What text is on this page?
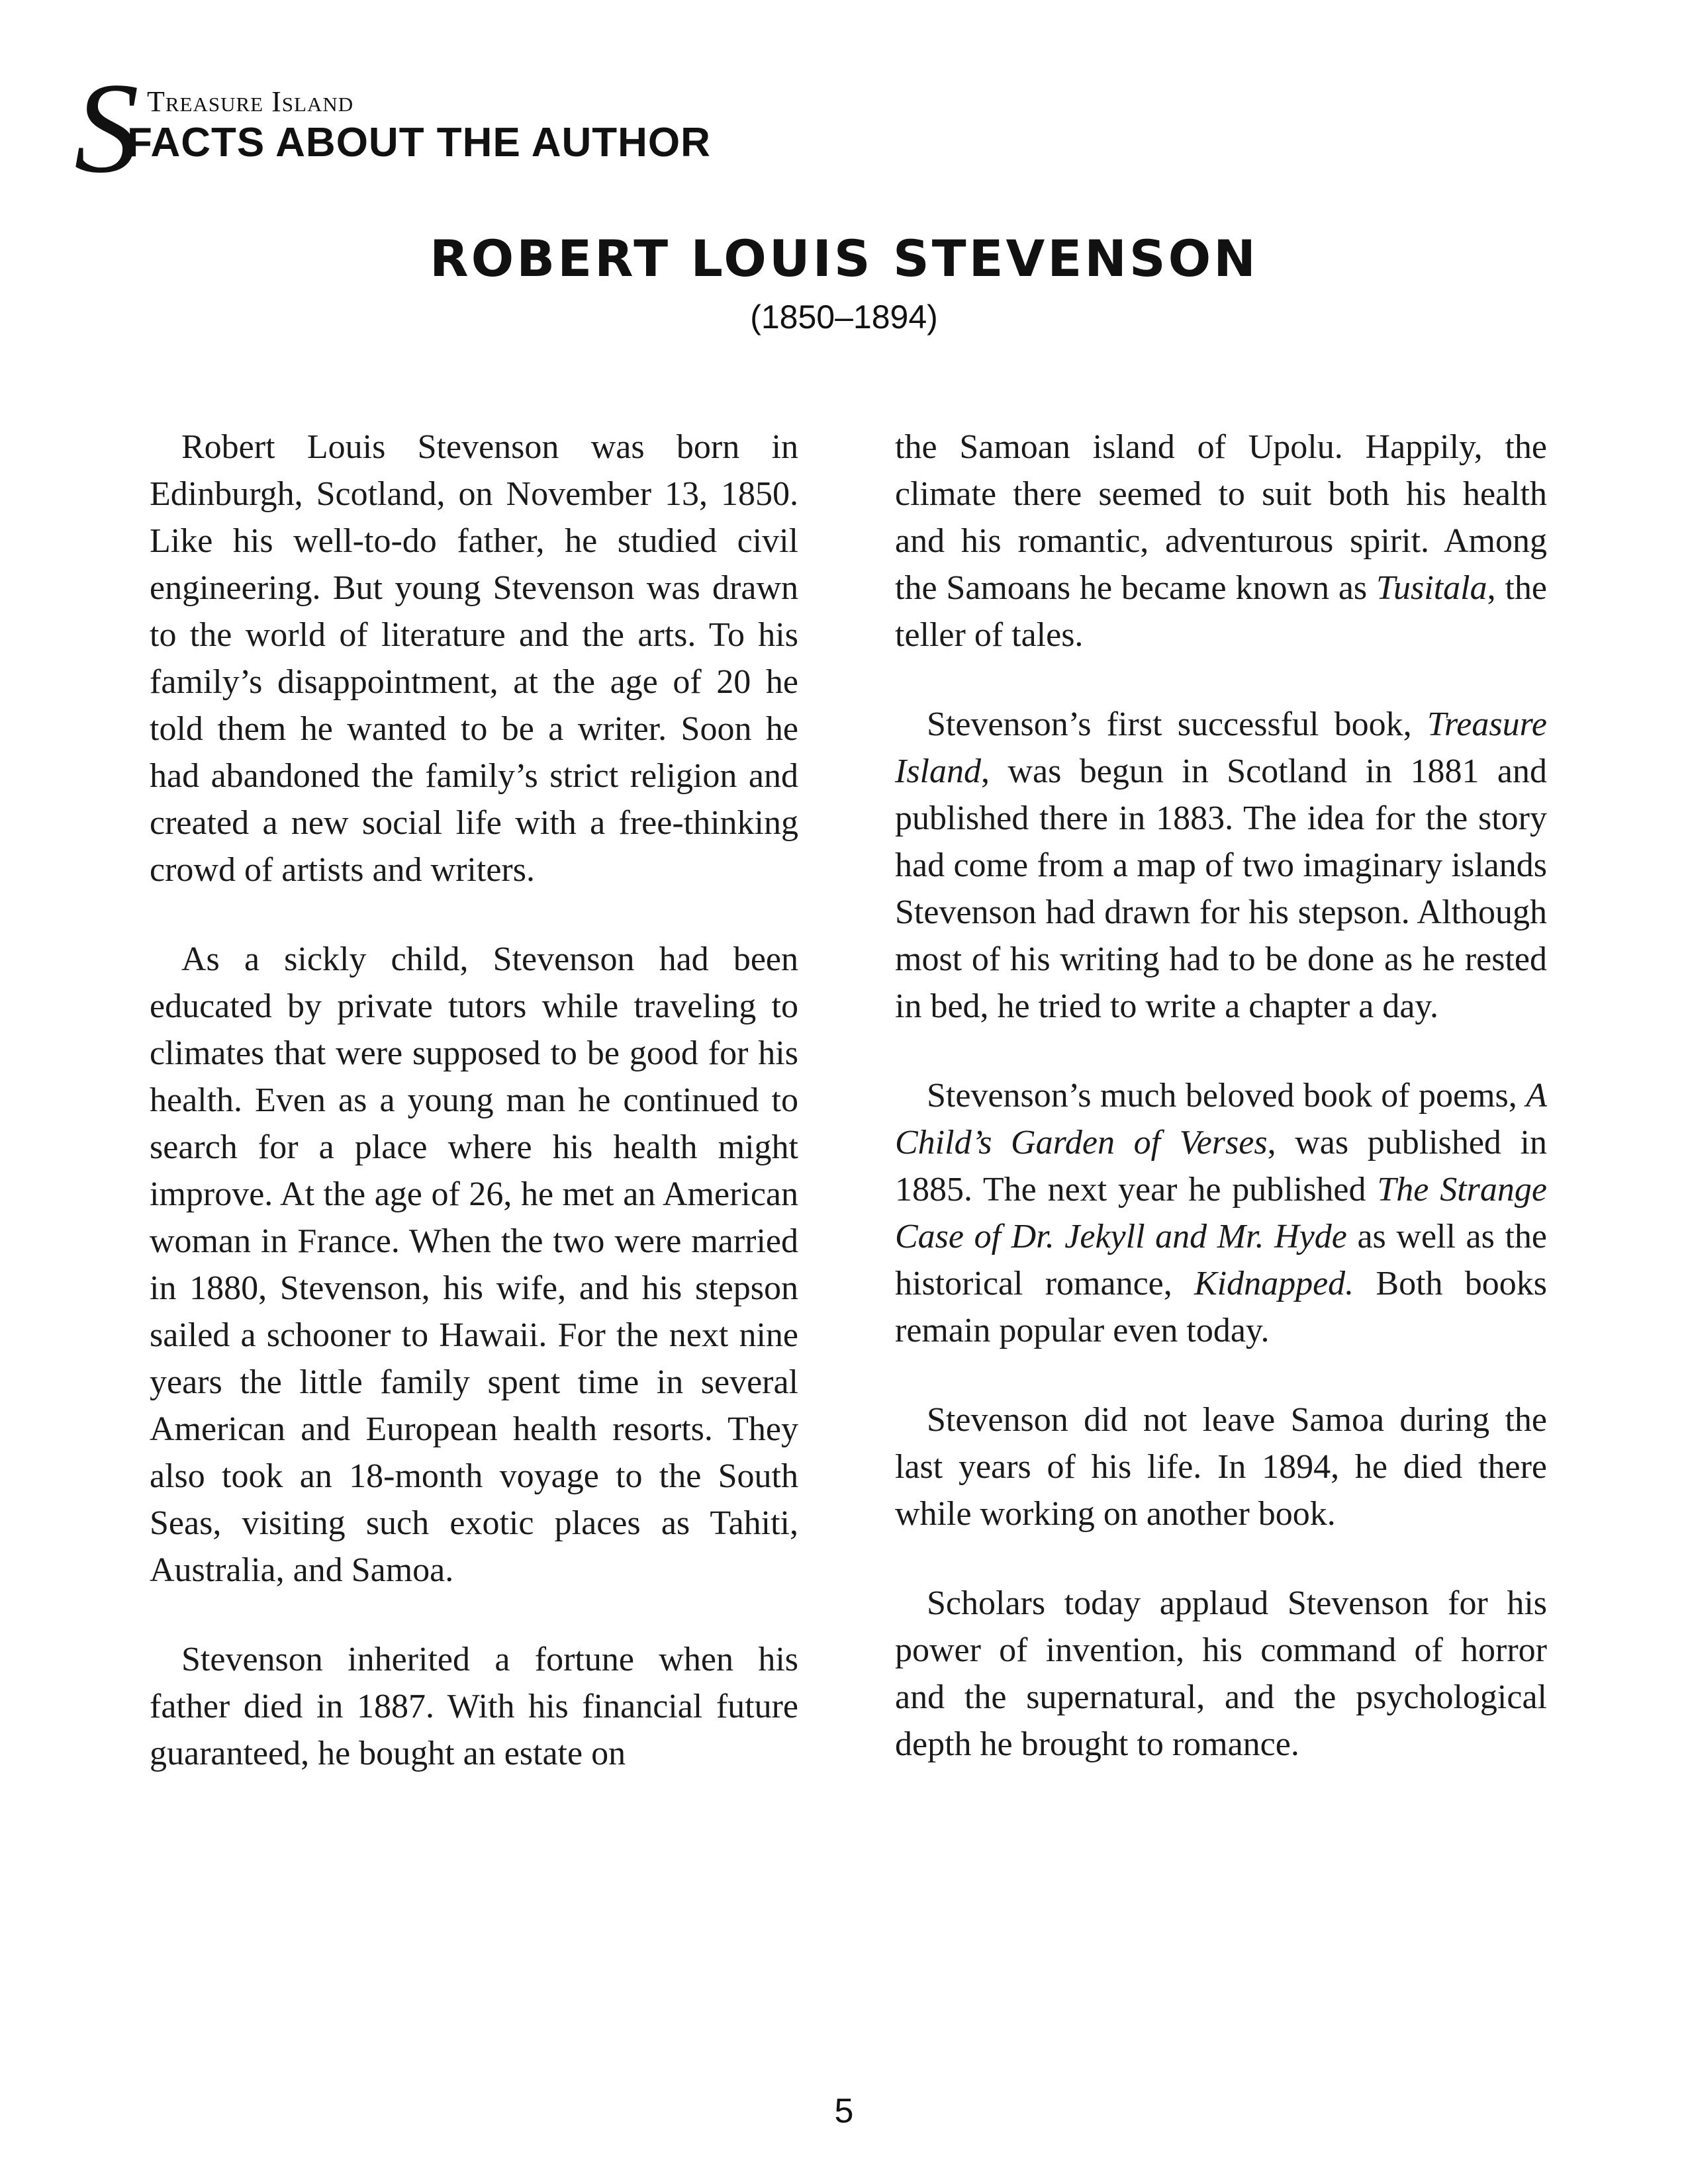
S Treasure Island
FACTS ABOUT THE AUTHOR
ROBERT LOUIS STEVENSON
(1850–1894)

Robert Louis Stevenson was born in Edinburgh, Scotland, on November 13, 1850. Like his well-to-do father, he studied civil engineering. But young Stevenson was drawn to the world of literature and the arts. To his family’s disappointment, at the age of 20 he told them he wanted to be a writer. Soon he had abandoned the family’s strict religion and created a new social life with a free-thinking crowd of artists and writers.

As a sickly child, Stevenson had been educated by private tutors while traveling to climates that were supposed to be good for his health. Even as a young man he continued to search for a place where his health might improve. At the age of 26, he met an American woman in France. When the two were married in 1880, Stevenson, his wife, and his stepson sailed a schooner to Hawaii. For the next nine years the little family spent time in several American and European health resorts. They also took an 18-month voyage to the South Seas, visiting such exotic places as Tahiti, Australia, and Samoa.

Stevenson inherited a fortune when his father died in 1887. With his financial future guaranteed, he bought an estate on

the Samoan island of Upolu. Happily, the climate there seemed to suit both his health and his romantic, adventurous spirit. Among the Samoans he became known as Tusitala, the teller of tales.

Stevenson’s first successful book, Treasure Island, was begun in Scotland in 1881 and published there in 1883. The idea for the story had come from a map of two imaginary islands Stevenson had drawn for his stepson. Although most of his writing had to be done as he rested in bed, he tried to write a chapter a day.

Stevenson’s much beloved book of poems, A Child’s Garden of Verses, was published in 1885. The next year he published The Strange Case of Dr. Jekyll and Mr. Hyde as well as the historical romance, Kidnapped. Both books remain popular even today.

Stevenson did not leave Samoa during the last years of his life. In 1894, he died there while working on another book.

Scholars today applaud Stevenson for his power of invention, his command of horror and the supernatural, and the psychological depth he brought to romance.

5
